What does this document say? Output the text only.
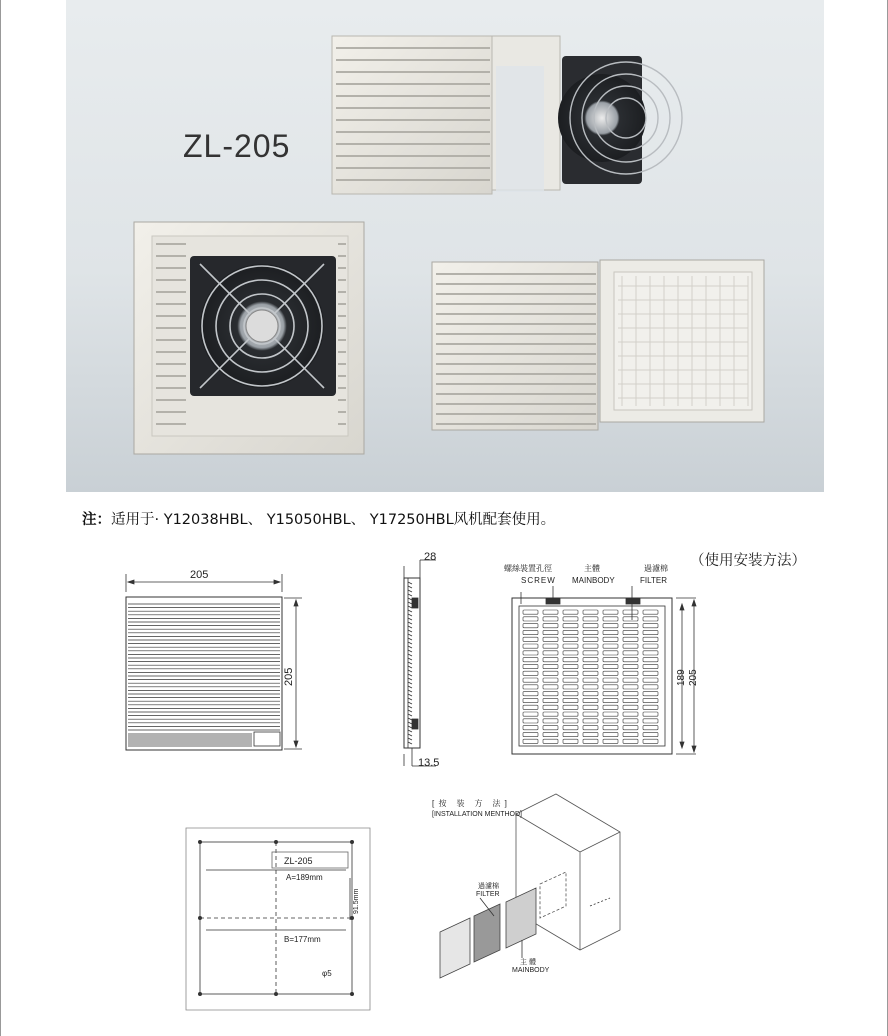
ZL-205
注：适用于· Y12038HBL、 Y15050HBL、 Y17250HBL风机配套使用。
（使用安装方法）
205
205
28
13.5
螺絲裝置孔徑
SCREW
主體
MAINBODY
過濾棉
FILTER
189 205
ZL-205
A=189mm
B=177mm
91.5mm
φ5
[ 按　装　方　法 ]
[INSTALLATION MENTHOD]
過濾棉
FILTER
主 體
MAINBODY
